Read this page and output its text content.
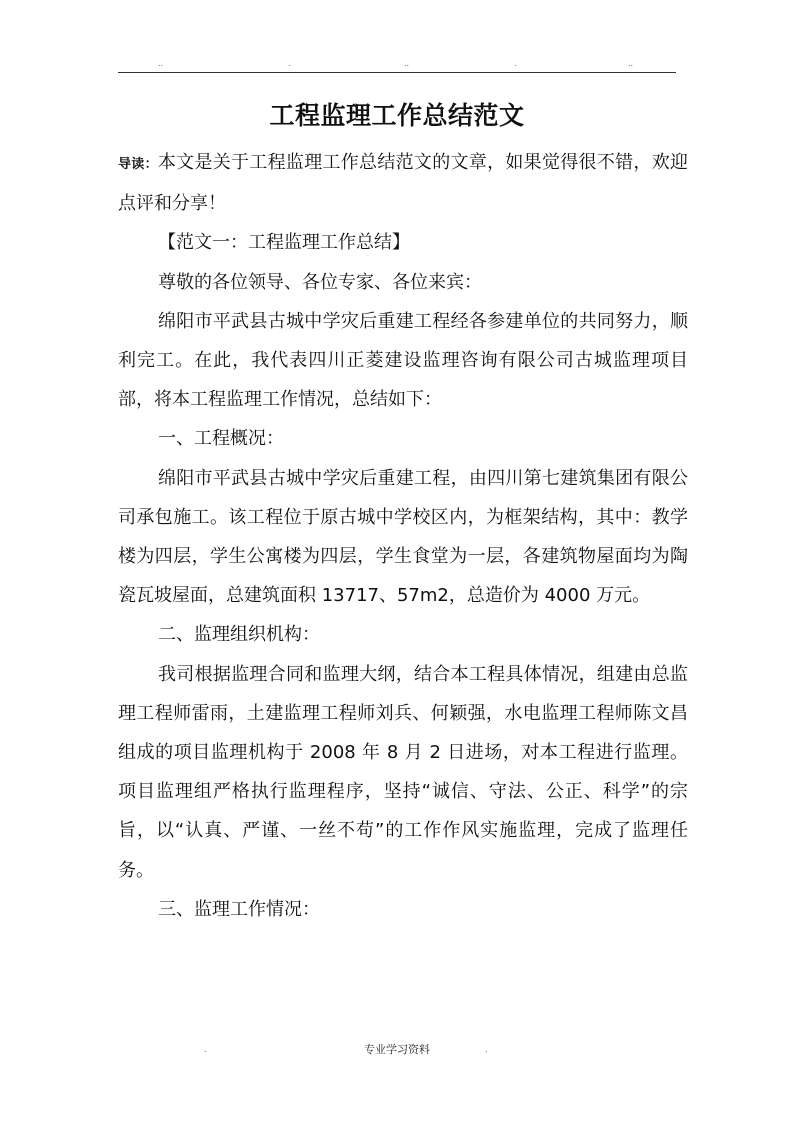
..	.	..	.	..
工程监理工作总结范文

导读：本文是关于工程监理工作总结范文的文章，如果觉得很不错，欢迎点评和分享！

【范文一：工程监理工作总结】

尊敬的各位领导、各位专家、各位来宾：

绵阳市平武县古城中学灾后重建工程经各参建单位的共同努力，顺利完工。在此，我代表四川正菱建设监理咨询有限公司古城监理项目部，将本工程监理工作情况，总结如下：

一、工程概况：

绵阳市平武县古城中学灾后重建工程，由四川第七建筑集团有限公司承包施工。该工程位于原古城中学校区内，为框架结构，其中：教学楼为四层，学生公寓楼为四层，学生食堂为一层，各建筑物屋面均为陶瓷瓦坡屋面，总建筑面积 13717、57m2，总造价为 4000 万元。

二、监理组织机构：

我司根据监理合同和监理大纲，结合本工程具体情况，组建由总监理工程师雷雨，土建监理工程师刘兵、何颖强，水电监理工程师陈文昌组成的项目监理机构于 2008 年 8 月 2 日进场，对本工程进行监理。项目监理组严格执行监理程序，坚持“诚信、守法、公正、科学”的宗旨，以“认真、严谨、一丝不苟”的工作作风实施监理，完成了监理任务。

三、监理工作情况：

.	专业学习资料	.
